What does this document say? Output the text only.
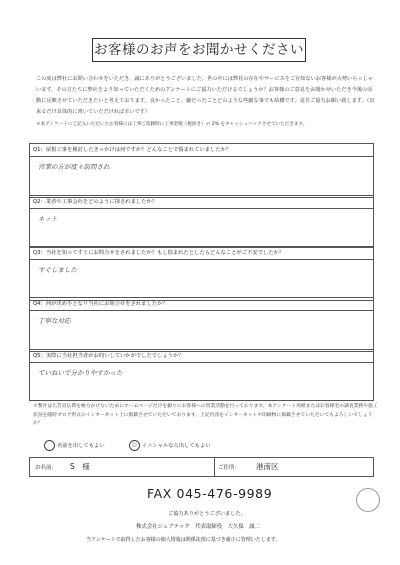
お客様のお声をお聞かせください
この度は弊社にお問い合わせをいただき、誠にありがとうございました。世の中には弊社の存在やサービスをご存知ないお客様が大勢いらっしゃいます。その方たちに弊社をより知っていただくためのアンケートにご協力いただけるでしょうか？お客様のご意見をお聞かせいただき今後の活動に反映させていただきたいと考えております。良かったこと、嫌だったことどのような些細な事でも結構です。是非ご協力お願い致します。（出来るだけ具体的に書いていただければ幸いです）
＊本アンケートにご記入いただいたお客様には工事ご依頼時に工事金額（税抜き）の 2% をキャッシュバックさせていただきます。
Q1：屋根工事を検討したきっかけは何ですか？どんなことで悩まれていましたか？
営業の方が度々訪問され
Q2：業者や工事会社をどのように探されましたか？
ネット
Q3：当社を知ってすぐにお問合せをされましたか？もし悩まれたとしたらどんなことがご不安でしたか？
すぐしました
Q4：何が決め手となり当社にお問合せをされましたか？
丁寧な対応
Q5：実際に当社担当者がお伺いしていかがでしたでしょうか？
ていねいで分かりやすかった
＊弊社は広告宣伝費を極力かけないためにホームページだけを頼りにお客様への営業活動を行っております。本アンケート用紙またはお客様宅の調査業務や施工状況を随時ブログ形式のインターネット上に掲載させていただいております。上記内容をインターネットや印刷物に掲載させていただいてもよろしいでしょうか？
名前を出してもよい	○ イニシャルなら出してもよい
お名前： S　様	ご住所： 港南区
FAX 045-476-9989
ご協力ありがとうございました。
株式会社シェアテック　代表取締役　大久保　誠二
当アンケートで取得したお客様の個人情報は関係法規に基づき厳正に管理いたします。
